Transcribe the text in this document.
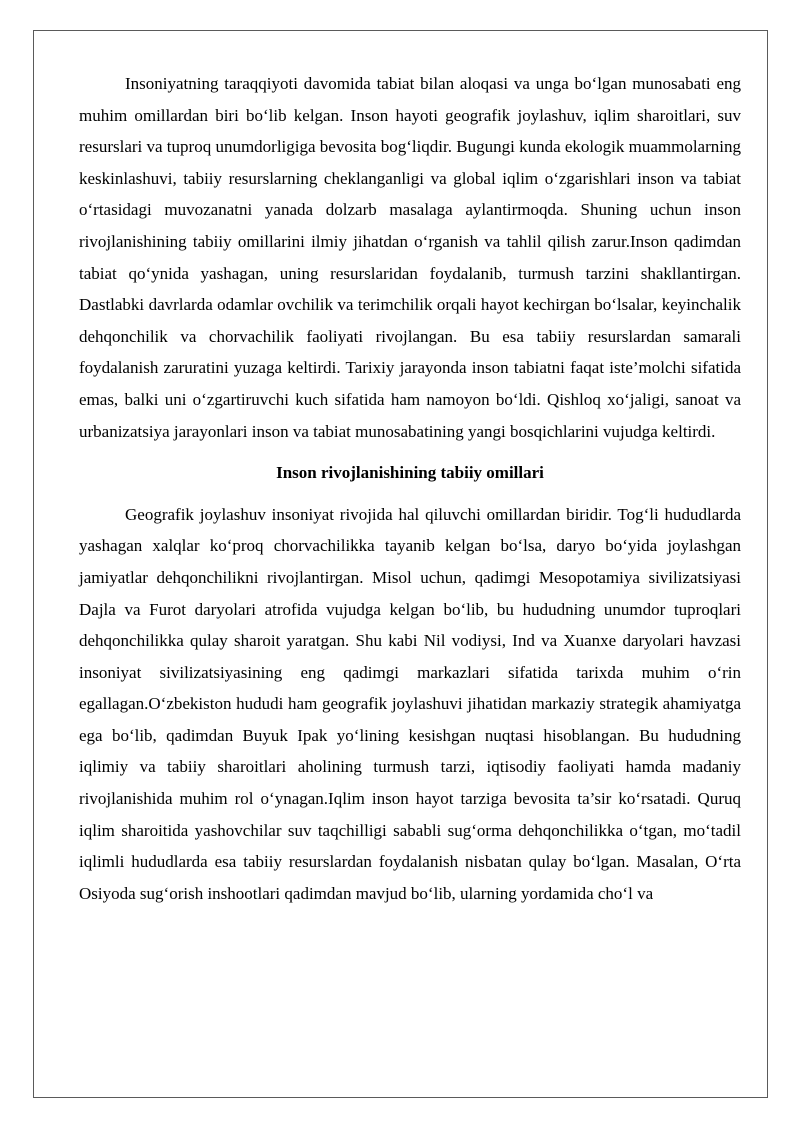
Insoniyatning taraqqiyoti davomida tabiat bilan aloqasi va unga bo‘lgan munosabati eng muhim omillardan biri bo‘lib kelgan. Inson hayoti geografik joylashuv, iqlim sharoitlari, suv resurslari va tuproq unumdorligiga bevosita bog‘liqdir. Bugungi kunda ekologik muammolarning keskinlashuvi, tabiiy resurslarning cheklanganligi va global iqlim o‘zgarishlari inson va tabiat o‘rtasidagi muvozanatni yanada dolzarb masalaga aylantirmoqda. Shuning uchun inson rivojlanishining tabiiy omillarini ilmiy jihatdan o‘rganish va tahlil qilish zarur.Inson qadimdan tabiat qo‘ynida yashagan, uning resurslaridan foydalanib, turmush tarzini shakllantirgan. Dastlabki davrlarda odamlar ovchilik va terimchilik orqali hayot kechirgan bo‘lsalar, keyinchalik dehqonchilik va chorvachilik faoliyati rivojlangan. Bu esa tabiiy resurslardan samarali foydalanish zaruratini yuzaga keltirdi. Tarixiy jarayonda inson tabiatni faqat iste’molchi sifatida emas, balki uni o‘zgartiruvchi kuch sifatida ham namoyon bo‘ldi. Qishloq xo‘jaligi, sanoat va urbanizatsiya jarayonlari inson va tabiat munosabatining yangi bosqichlarini vujudga keltirdi.

Inson rivojlanishining tabiiy omillari

Geografik joylashuv insoniyat rivojida hal qiluvchi omillardan biridir. Tog‘li hududlarda yashagan xalqlar ko‘proq chorvachilikka tayanib kelgan bo‘lsa, daryo bo‘yida joylashgan jamiyatlar dehqonchilikni rivojlantirgan. Misol uchun, qadimgi Mesopotamiya sivilizatsiyasi Dajla va Furot daryolari atrofida vujudga kelgan bo‘lib, bu hududning unumdor tuproqlari dehqonchilikka qulay sharoit yaratgan. Shu kabi Nil vodiysi, Ind va Xuanxe daryolari havzasi insoniyat sivilizatsiyasining eng qadimgi markazlari sifatida tarixda muhim o‘rin egallagan.O‘zbekiston hududi ham geografik joylashuvi jihatidan markaziy strategik ahamiyatga ega bo‘lib, qadimdan Buyuk Ipak yo‘lining kesishgan nuqtasi hisoblangan. Bu hududning iqlimiy va tabiiy sharoitlari aholining turmush tarzi, iqtisodiy faoliyati hamda madaniy rivojlanishida muhim rol o‘ynagan.Iqlim inson hayot tarziga bevosita ta’sir ko‘rsatadi. Quruq iqlim sharoitida yashovchilar suv taqchilligi sababli sug‘orma dehqonchilikka o‘tgan, mo‘tadil iqlimli hududlarda esa tabiiy resurslardan foydalanish nisbatan qulay bo‘lgan. Masalan, O‘rta Osiyoda sug‘orish inshootlari qadimdan mavjud bo‘lib, ularning yordamida cho‘l va
